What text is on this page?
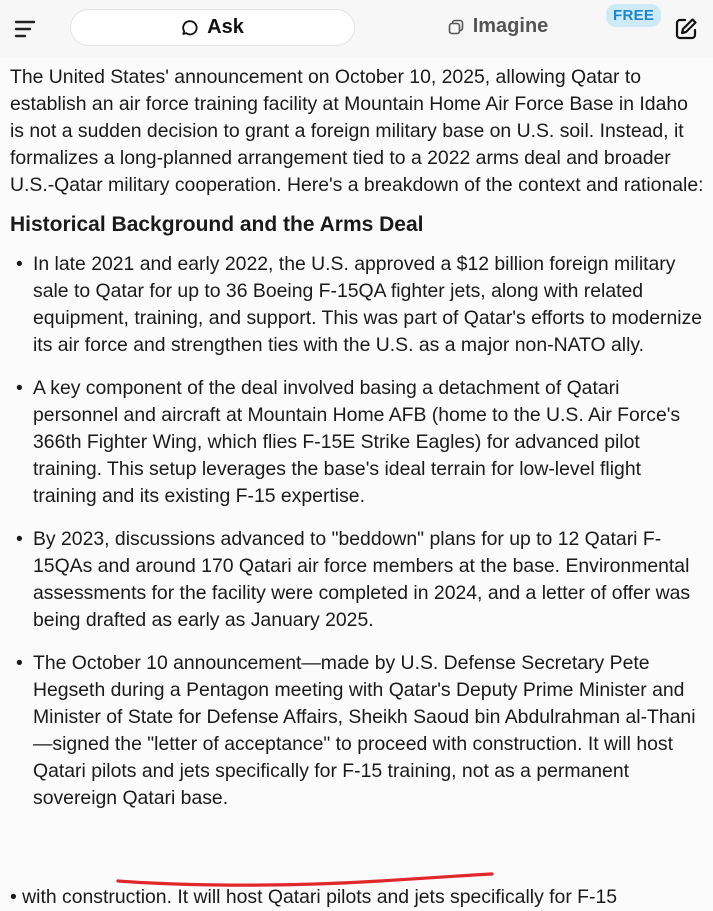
Ask	Imagine	FREE

The United States' announcement on October 10, 2025, allowing Qatar to establish an air force training facility at Mountain Home Air Force Base in Idaho is not a sudden decision to grant a foreign military base on U.S. soil. Instead, it formalizes a long-planned arrangement tied to a 2022 arms deal and broader U.S.-Qatar military cooperation. Here's a breakdown of the context and rationale:

Historical Background and the Arms Deal
• In late 2021 and early 2022, the U.S. approved a $12 billion foreign military sale to Qatar for up to 36 Boeing F-15QA fighter jets, along with related equipment, training, and support. This was part of Qatar's efforts to modernize its air force and strengthen ties with the U.S. as a major non-NATO ally.
• A key component of the deal involved basing a detachment of Qatari personnel and aircraft at Mountain Home AFB (home to the U.S. Air Force's 366th Fighter Wing, which flies F-15E Strike Eagles) for advanced pilot training. This setup leverages the base's ideal terrain for low-level flight training and its existing F-15 expertise.
• By 2023, discussions advanced to "beddown" plans for up to 12 Qatari F-15QAs and around 170 Qatari air force members at the base. Environmental assessments for the facility were completed in 2024, and a letter of offer was being drafted as early as January 2025.
• The October 10 announcement—made by U.S. Defense Secretary Pete Hegseth during a Pentagon meeting with Qatar's Deputy Prime Minister and Minister of State for Defense Affairs, Sheikh Saoud bin Abdulrahman al-Thani—signed the "letter of acceptance" to proceed with construction. It will host Qatari pilots and jets specifically for F-15 training, not as a permanent sovereign Qatari base.
• with construction. It will host Qatari pilots and jets specifically for F-15
